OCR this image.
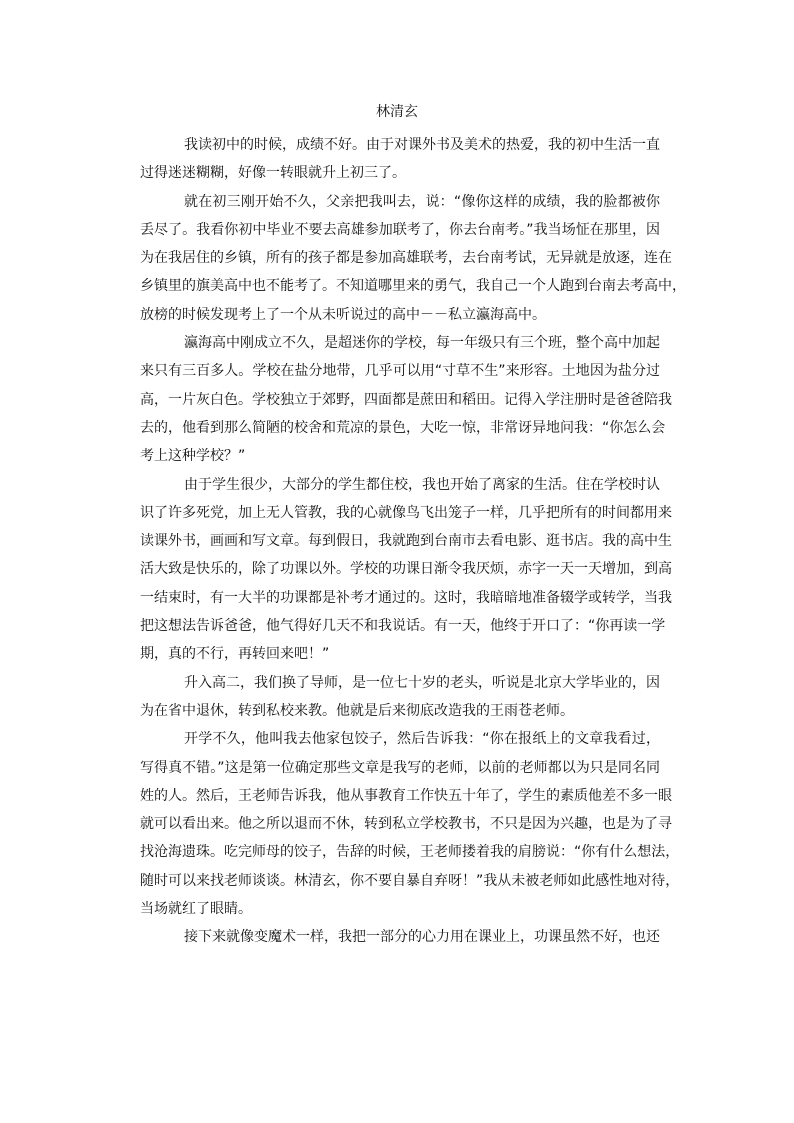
林清玄
我读初中的时候，成绩不好。由于对课外书及美术的热爱，我的初中生活一直
过得迷迷糊糊，好像一转眼就升上初三了。
就在初三刚开始不久，父亲把我叫去，说：“像你这样的成绩，我的脸都被你
丢尽了。我看你初中毕业不要去高雄参加联考了，你去台南考。”我当场怔在那里，因
为在我居住的乡镇，所有的孩子都是参加高雄联考，去台南考试，无异就是放逐，连在
乡镇里的旗美高中也不能考了。不知道哪里来的勇气，我自己一个人跑到台南去考高中，
放榜的时候发现考上了一个从未听说过的高中－－私立瀛海高中。
瀛海高中刚成立不久，是超迷你的学校，每一年级只有三个班，整个高中加起
来只有三百多人。学校在盐分地带，几乎可以用“寸草不生”来形容。土地因为盐分过
高，一片灰白色。学校独立于郊野，四面都是蔗田和稻田。记得入学注册时是爸爸陪我
去的，他看到那么简陋的校舍和荒凉的景色，大吃一惊，非常讶异地问我：“你怎么会
考上这种学校？”
由于学生很少，大部分的学生都住校，我也开始了离家的生活。住在学校时认
识了许多死党，加上无人管教，我的心就像鸟飞出笼子一样，几乎把所有的时间都用来
读课外书，画画和写文章。每到假日，我就跑到台南市去看电影、逛书店。我的高中生
活大致是快乐的，除了功课以外。学校的功课日渐令我厌烦，赤字一天一天增加，到高
一结束时，有一大半的功课都是补考才通过的。这时，我暗暗地准备辍学或转学，当我
把这想法告诉爸爸，他气得好几天不和我说话。有一天，他终于开口了：“你再读一学
期，真的不行，再转回来吧！”
升入高二，我们换了导师，是一位七十岁的老头，听说是北京大学毕业的，因
为在省中退休，转到私校来教。他就是后来彻底改造我的王雨苍老师。
开学不久，他叫我去他家包饺子，然后告诉我：“你在报纸上的文章我看过，
写得真不错。”这是第一位确定那些文章是我写的老师，以前的老师都以为只是同名同
姓的人。然后，王老师告诉我，他从事教育工作快五十年了，学生的素质他差不多一眼
就可以看出来。他之所以退而不休，转到私立学校教书，不只是因为兴趣，也是为了寻
找沧海遗珠。吃完师母的饺子，告辞的时候，王老师搂着我的肩膀说：“你有什么想法，
随时可以来找老师谈谈。林清玄，你不要自暴自弃呀！”我从未被老师如此感性地对待，
当场就红了眼睛。
接下来就像变魔术一样，我把一部分的心力用在课业上，功课虽然不好，也还
